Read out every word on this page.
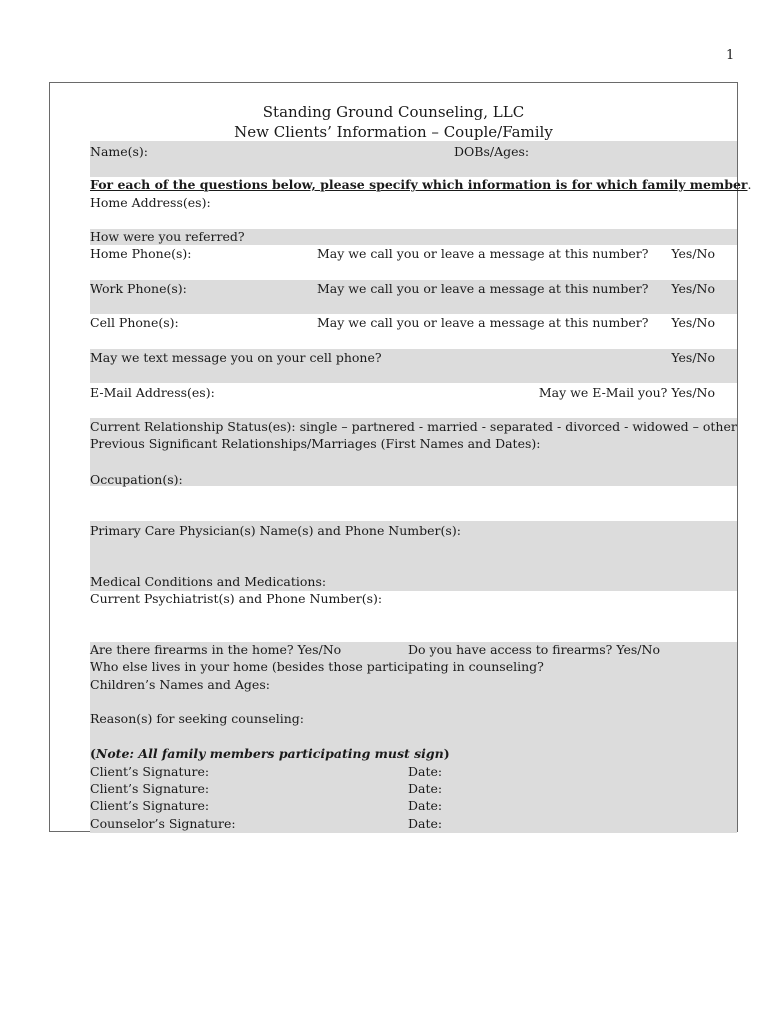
1
Standing Ground Counseling, LLC
New Clients’ Information – Couple/Family
Name(s):	DOBs/Ages:
For each of the questions below, please specify which information is for which family member.
Home Address(es):
How were you referred?
Home Phone(s):	May we call you or leave a message at this number? Yes/No
Work Phone(s):	May we call you or leave a message at this number? Yes/No
Cell Phone(s):	May we call you or leave a message at this number? Yes/No
May we text message you on your cell phone?	Yes/No
E-Mail Address(es):	May we E-Mail you? Yes/No
Current Relationship Status(es): single – partnered - married - separated - divorced - widowed – other
Previous Significant Relationships/Marriages (First Names and Dates):
Occupation(s):
Primary Care Physician(s) Name(s) and Phone Number(s):
Medical Conditions and Medications:
Current Psychiatrist(s) and Phone Number(s):
Are there firearms in the home? Yes/No	Do you have access to firearms? Yes/No
Who else lives in your home (besides those participating in counseling?
Children’s Names and Ages:
Reason(s) for seeking counseling:
(Note: All family members participating must sign)
Client’s Signature:	Date:
Client’s Signature:	Date:
Client’s Signature:	Date:
Counselor’s Signature:	Date:
